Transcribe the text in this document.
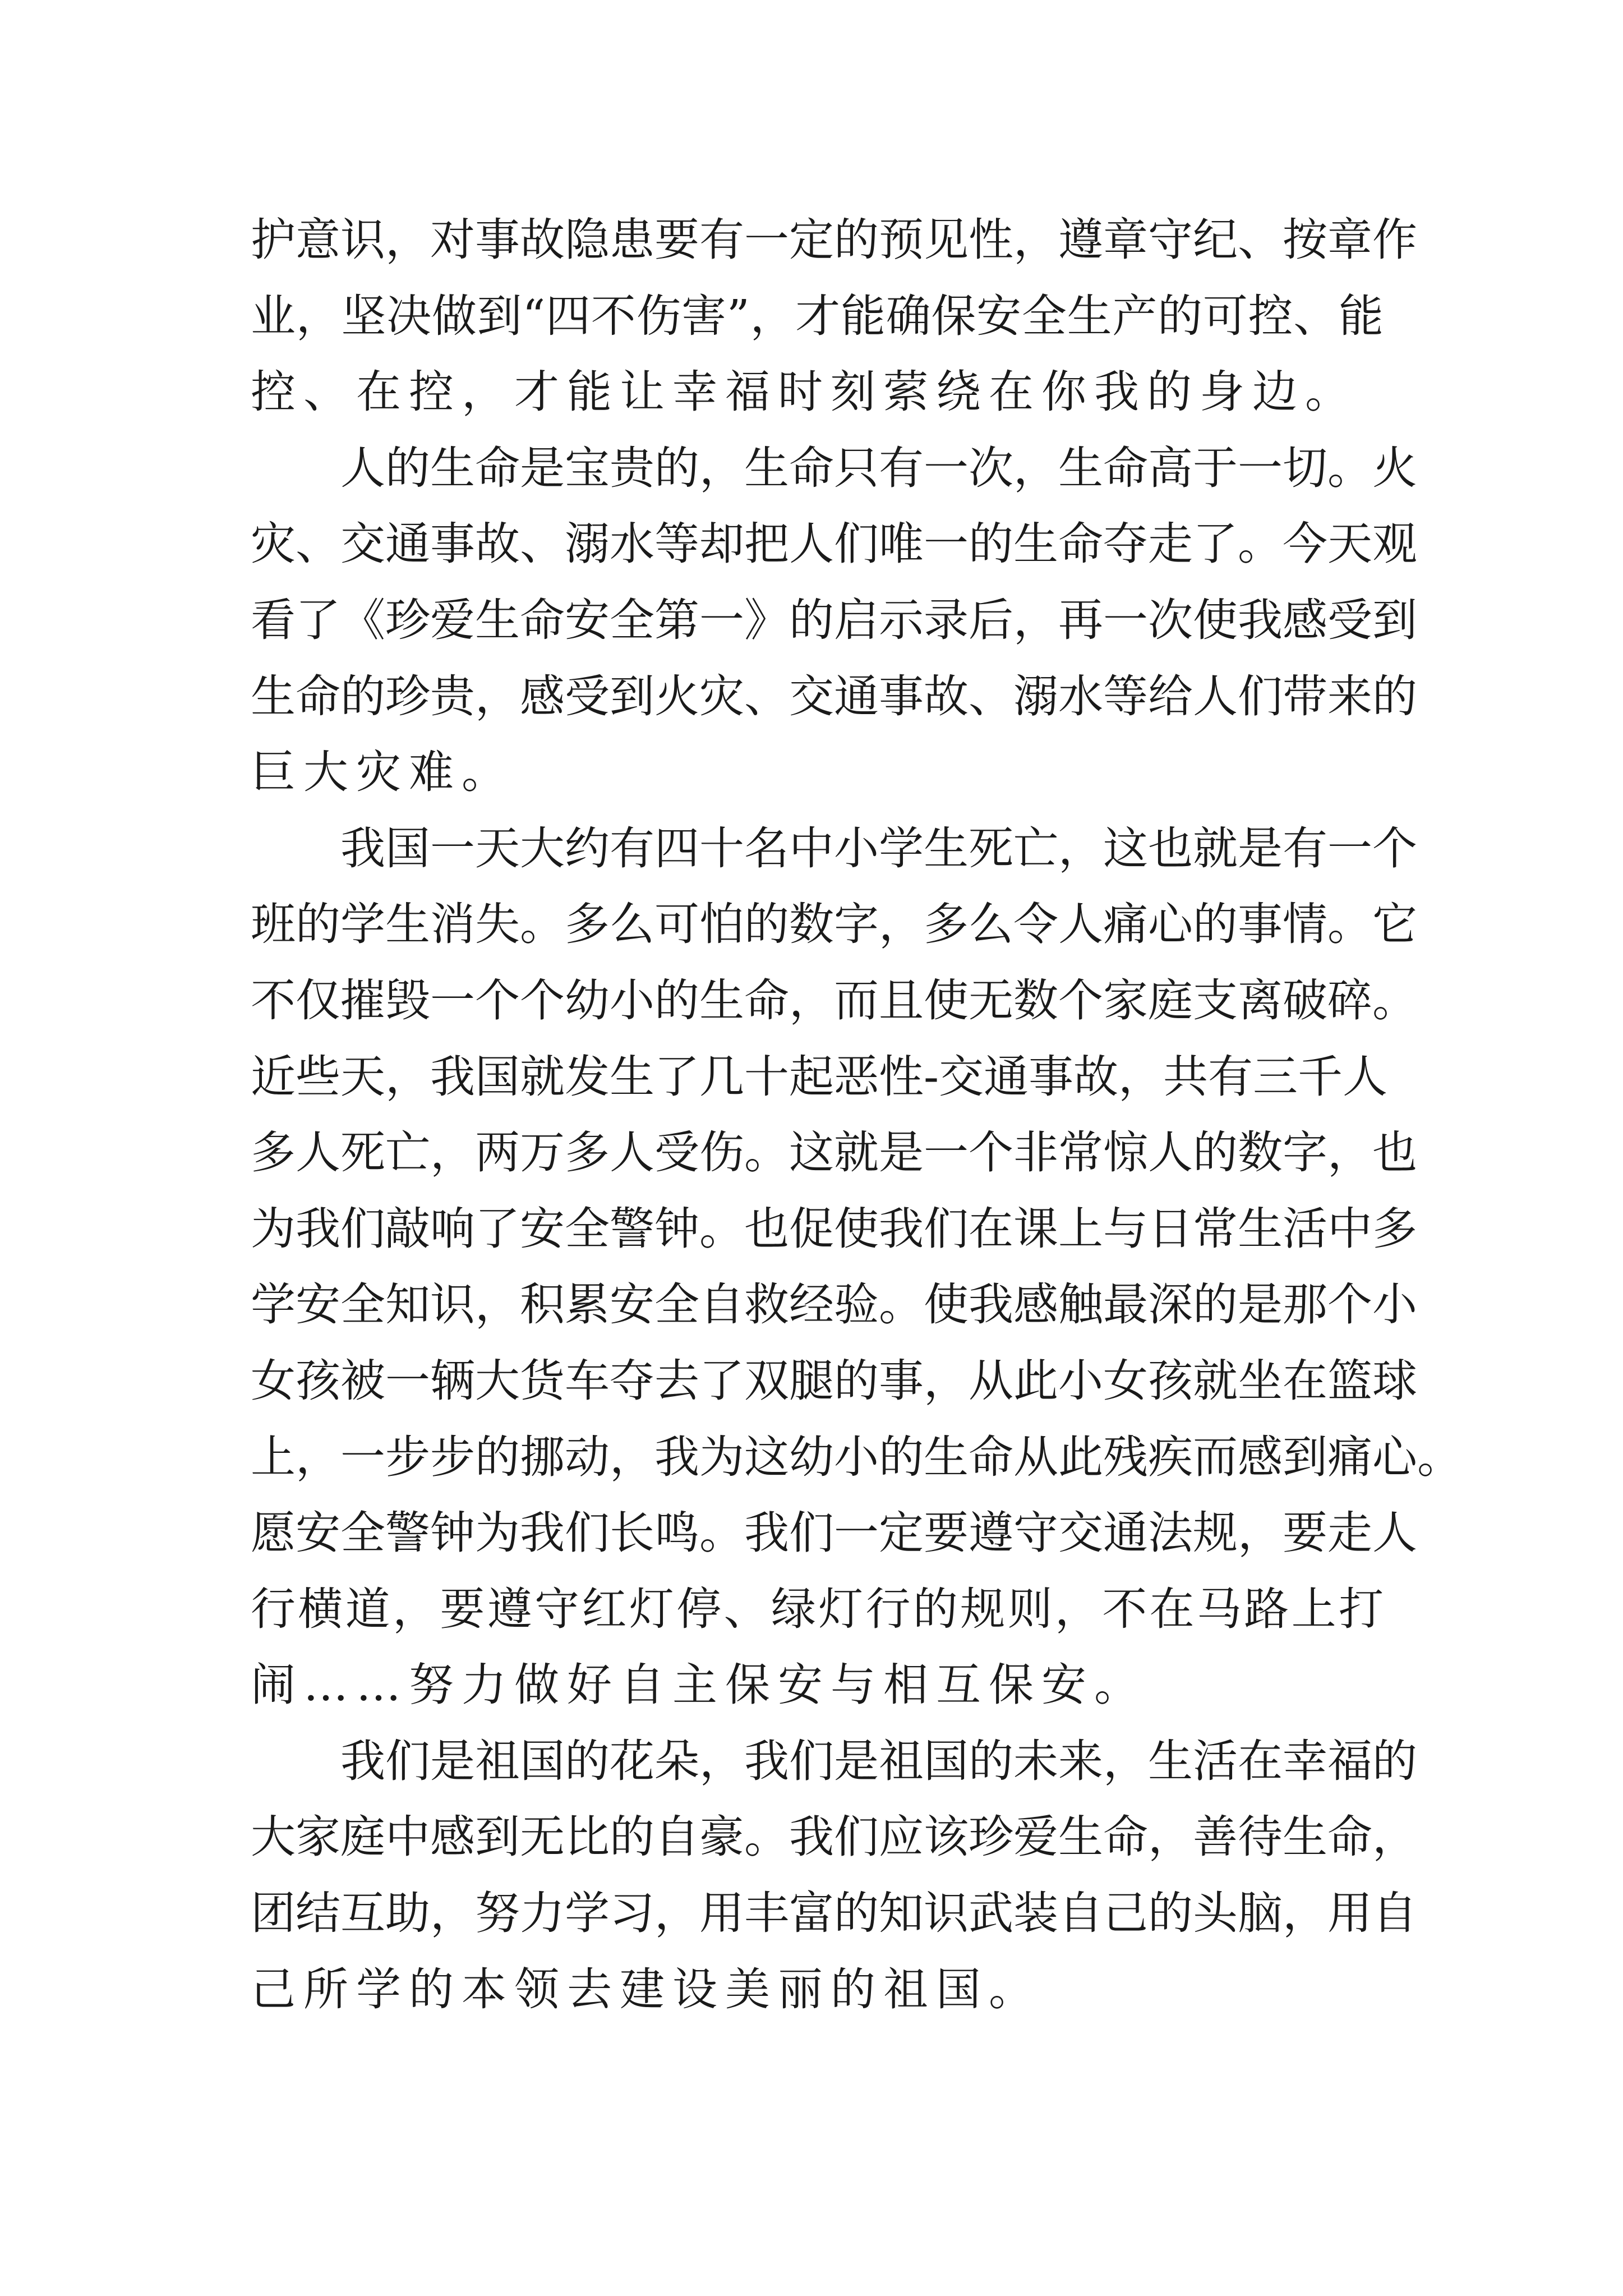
护意识，对事故隐患要有一定的预见性，遵章守纪、按章作
业，坚决做到“四不伤害”，才能确保安全生产的可控、能
控、在控，才能让幸福时刻萦绕在你我的身边。
人的生命是宝贵的，生命只有一次，生命高于一切。火
灾、交通事故、溺水等却把人们唯一的生命夺走了。今天观
看了《珍爱生命安全第一》的启示录后，再一次使我感受到
生命的珍贵，感受到火灾、交通事故、溺水等给人们带来的
巨大灾难。
我国一天大约有四十名中小学生死亡，这也就是有一个
班的学生消失。多么可怕的数字，多么令人痛心的事情。它
不仅摧毁一个个幼小的生命，而且使无数个家庭支离破碎。
近些天，我国就发生了几十起恶性-交通事故，共有三千人
多人死亡，两万多人受伤。这就是一个非常惊人的数字，也
为我们敲响了安全警钟。也促使我们在课上与日常生活中多
学安全知识，积累安全自救经验。使我感触最深的是那个小
女孩被一辆大货车夺去了双腿的事，从此小女孩就坐在篮球
上，一步步的挪动，我为这幼小的生命从此残疾而感到痛心。
愿安全警钟为我们长鸣。我们一定要遵守交通法规，要走人
行横道，要遵守红灯停、绿灯行的规则，不在马路上打
闹……努力做好自主保安与相互保安。
我们是祖国的花朵，我们是祖国的未来，生活在幸福的
大家庭中感到无比的自豪。我们应该珍爱生命，善待生命，
团结互助，努力学习，用丰富的知识武装自己的头脑，用自
己所学的本领去建设美丽的祖国。
